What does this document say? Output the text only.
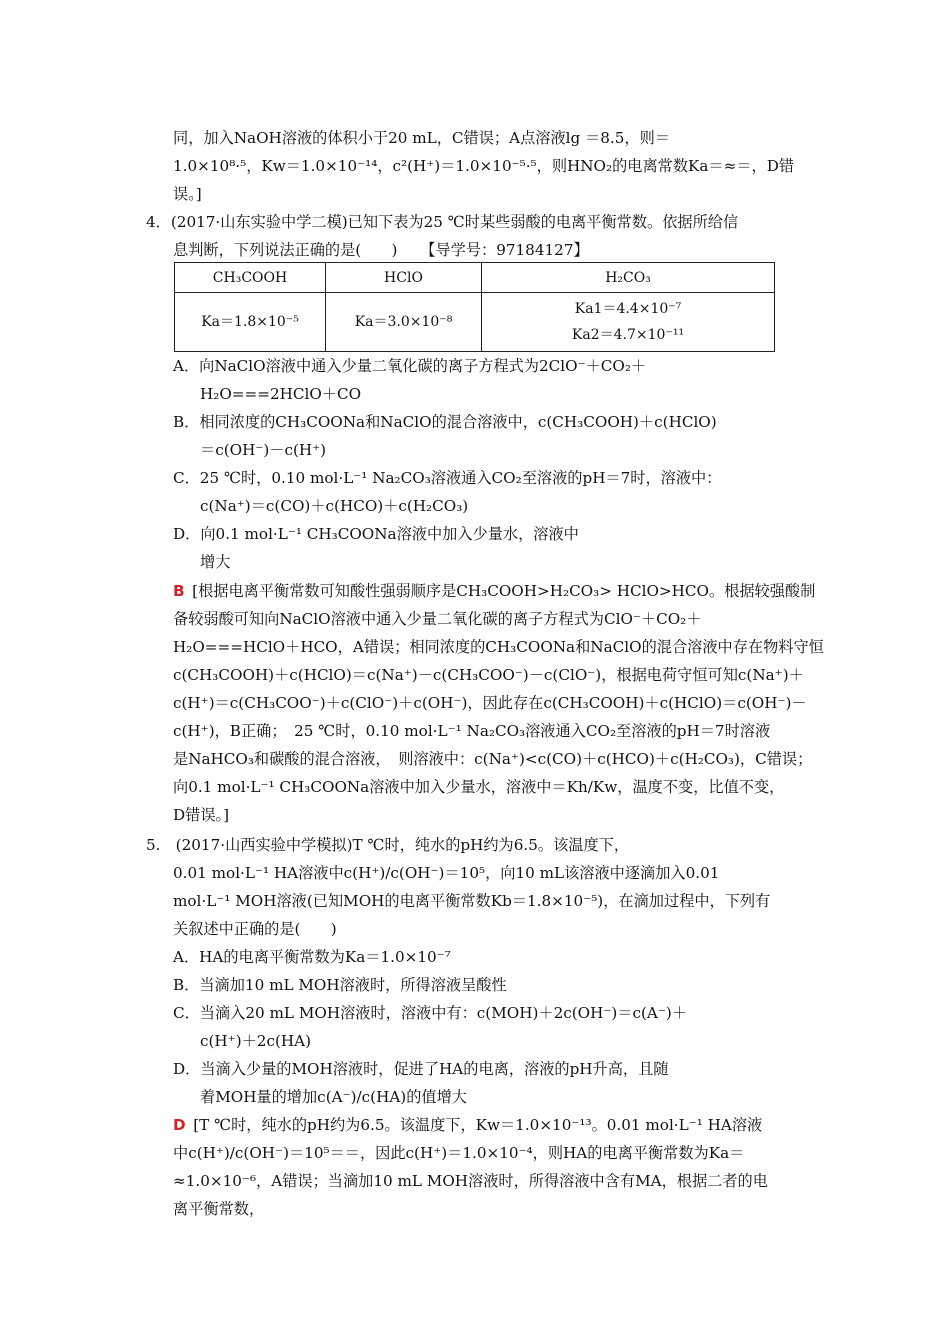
同，加入NaOH溶液的体积小于20 mL，C错误；A点溶液lg ＝8.5，则＝
1.0×10⁸·⁵，Kw＝1.0×10⁻¹⁴，c²(H⁺)＝1.0×10⁻⁵·⁵，则HNO₂的电离常数Ka＝≈＝，D错
误。]
4．(2017·山东实验中学二模)已知下表为25 ℃时某些弱酸的电离平衡常数。依据所给信
息判断，下列说法正确的是(　　)　　【导学号：97184127】
CH₃COOH	HClO	H₂CO₃
Ka＝1.8×10⁻⁵	Ka＝3.0×10⁻⁸	Ka1＝4.4×10⁻⁷
Ka2＝4.7×10⁻¹¹
A．向NaClO溶液中通入少量二氧化碳的离子方程式为2ClO⁻＋CO₂＋
H₂O===2HClO＋CO
B．相同浓度的CH₃COONa和NaClO的混合溶液中，c(CH₃COOH)＋c(HClO)
＝c(OH⁻)－c(H⁺)
C．25 ℃时，0.10 mol·L⁻¹ Na₂CO₃溶液通入CO₂至溶液的pH＝7时，溶液中：
c(Na⁺)＝c(CO)＋c(HCO)＋c(H₂CO₃)
D．向0.1 mol·L⁻¹ CH₃COONa溶液中加入少量水，溶液中
增大
B  [根据电离平衡常数可知酸性强弱顺序是CH₃COOH>H₂CO₃> HClO>HCO。根据较强酸制
备较弱酸可知向NaClO溶液中通入少量二氧化碳的离子方程式为ClO⁻＋CO₂＋
H₂O===HClO＋HCO，A错误；相同浓度的CH₃COONa和NaClO的混合溶液中存在物料守恒
c(CH₃COOH)＋c(HClO)＝c(Na⁺)－c(CH₃COO⁻)－c(ClO⁻)，根据电荷守恒可知c(Na⁺)＋
c(H⁺)＝c(CH₃COO⁻)＋c(ClO⁻)＋c(OH⁻)，因此存在c(CH₃COOH)＋c(HClO)＝c(OH⁻)－
c(H⁺)，B正确；　25 ℃时，0.10 mol·L⁻¹ Na₂CO₃溶液通入CO₂至溶液的pH＝7时溶液
是NaHCO₃和碳酸的混合溶液，　则溶液中：c(Na⁺)<c(CO)＋c(HCO)＋c(H₂CO₃)，C错误；
向0.1 mol·L⁻¹ CH₃COONa溶液中加入少量水，溶液中＝Kh/Kw，温度不变，比值不变，
D错误。]
5.　(2017·山西实验中学模拟)T ℃时，纯水的pH约为6.5。该温度下，
0.01 mol·L⁻¹ HA溶液中c(H⁺)/c(OH⁻)＝10⁵，向10 mL该溶液中逐滴加入0.01
mol·L⁻¹ MOH溶液(已知MOH的电离平衡常数Kb＝1.8×10⁻⁵)，在滴加过程中，下列有
关叙述中正确的是(　　)
A．HA的电离平衡常数为Ka＝1.0×10⁻⁷
B．当滴加10 mL MOH溶液时，所得溶液呈酸性
C．当滴入20 mL MOH溶液时，溶液中有：c(MOH)＋2c(OH⁻)＝c(A⁻)＋
c(H⁺)＋2c(HA)
D．当滴入少量的MOH溶液时，促进了HA的电离，溶液的pH升高，且随
着MOH量的增加c(A⁻)/c(HA)的值增大
D  [T ℃时，纯水的pH约为6.5。该温度下，Kw＝1.0×10⁻¹³。0.01 mol·L⁻¹ HA溶液
中c(H⁺)/c(OH⁻)＝10⁵＝＝，因此c(H⁺)＝1.0×10⁻⁴，则HA的电离平衡常数为Ka＝
≈1.0×10⁻⁶，A错误；当滴加10 mL MOH溶液时，所得溶液中含有MA，根据二者的电
离平衡常数，
